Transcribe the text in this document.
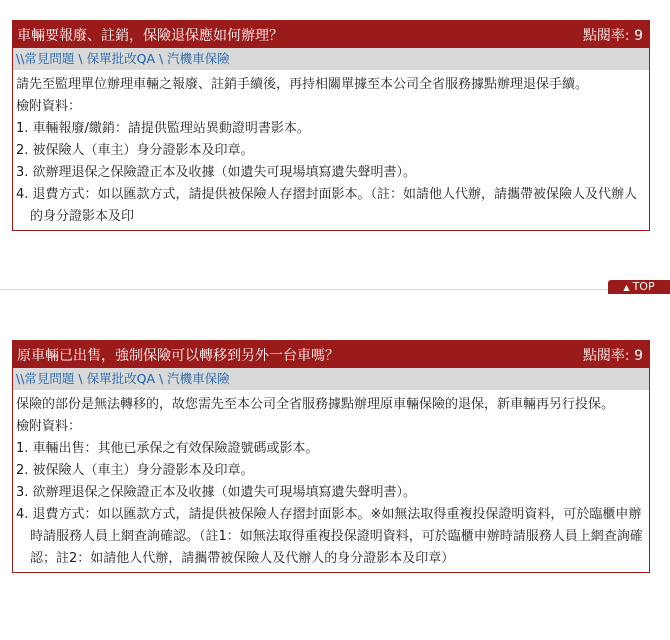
車輛要報廢、註銷，保險退保應如何辦理？	點閱率: 9
\\常見問題 \ 保單批改QA \ 汽機車保險

請先至監理單位辦理車輛之報廢、註銷手續後，再持相關單據至本公司全省服務據點辦理退保手續。

檢附資料：

1. 車輛報廢/繳銷：請提供監理站異動證明書影本。

2. 被保險人（車主）身分證影本及印章。

3. 欲辦理退保之保險證正本及收據（如遺失可現場填寫遺失聲明書）。

4. 退費方式：如以匯款方式，請提供被保險人存摺封面影本。（註：如請他人代辦，請攜帶被保險人及代辦人的身分證影本及印

▲ TOP
原車輛已出售，強制保險可以轉移到另外一台車嗎？	點閱率: 9
\\常見問題 \ 保單批改QA \ 汽機車保險

保險的部份是無法轉移的，故您需先至本公司全省服務據點辦理原車輛保險的退保，新車輛再另行投保。

檢附資料：

1. 車輛出售：其他已承保之有效保險證號碼或影本。

2. 被保險人（車主）身分證影本及印章。

3. 欲辦理退保之保險證正本及收據（如遺失可現場填寫遺失聲明書）。

4. 退費方式：如以匯款方式，請提供被保險人存摺封面影本。※如無法取得重複投保證明資料，可於臨櫃申辦時請服務人員上網查詢確認。（註1：如無法取得重複投保證明資料，可於臨櫃申辦時請服務人員上網查詢確認；註2：如請他人代辦，請攜帶被保險人及代辦人的身分證影本及印章）
